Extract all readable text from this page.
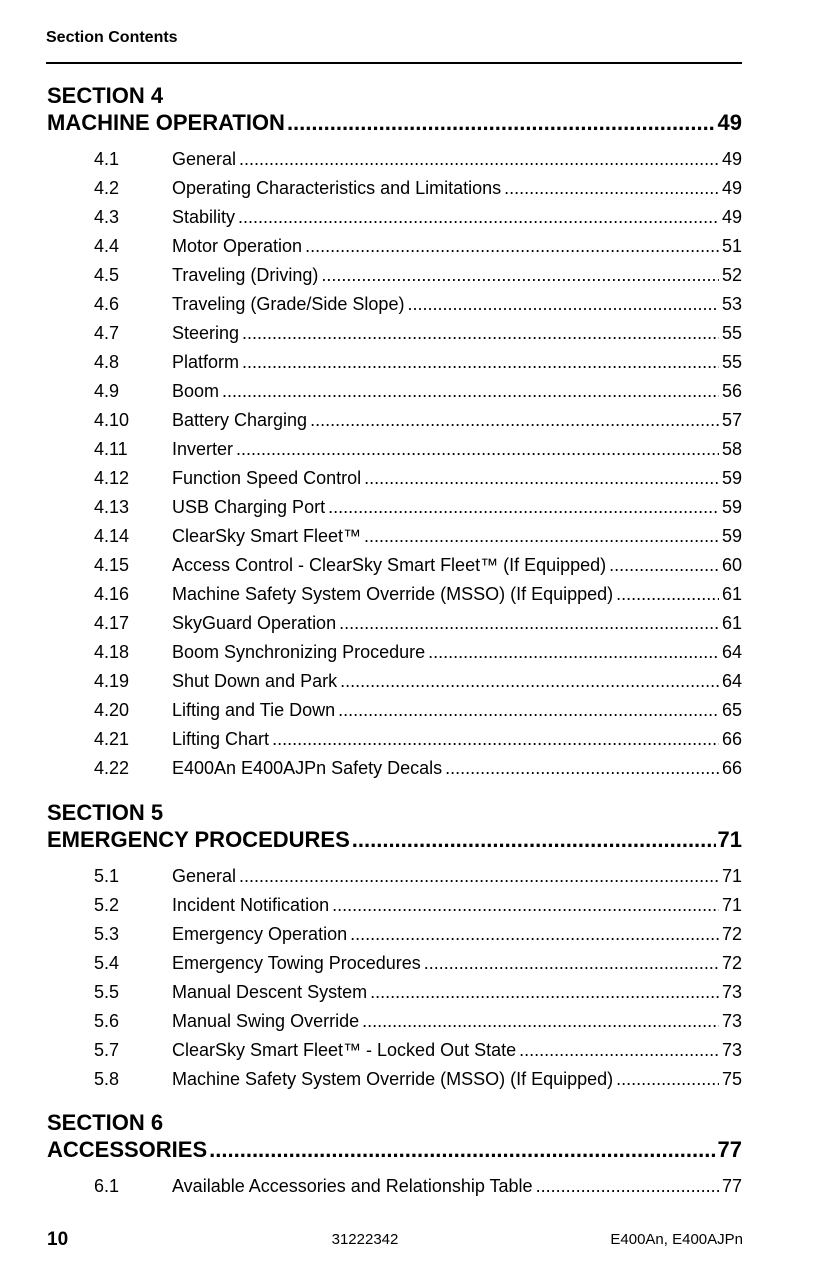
Section Contents
SECTION 4
MACHINE OPERATION .....	49
4.1	General .....	49
4.2	Operating Characteristics and Limitations .....	49
4.3	Stability .....	49
4.4	Motor Operation .....	51
4.5	Traveling (Driving) .....	52
4.6	Traveling (Grade/Side Slope) .....	53
4.7	Steering .....	55
4.8	Platform .....	55
4.9	Boom .....	56
4.10	Battery Charging .....	57
4.11	Inverter .....	58
4.12	Function Speed Control .....	59
4.13	USB Charging Port .....	59
4.14	ClearSky Smart Fleet™ .....	59
4.15	Access Control - ClearSky Smart Fleet™ (If Equipped) .....	60
4.16	Machine Safety System Override (MSSO) (If Equipped) .....	61
4.17	SkyGuard Operation .....	61
4.18	Boom Synchronizing Procedure .....	64
4.19	Shut Down and Park .....	64
4.20	Lifting and Tie Down .....	65
4.21	Lifting Chart .....	66
4.22	E400An E400AJPn Safety Decals .....	66
SECTION 5
EMERGENCY PROCEDURES .....	71
5.1	General .....	71
5.2	Incident Notification .....	71
5.3	Emergency Operation .....	72
5.4	Emergency Towing Procedures .....	72
5.5	Manual Descent System .....	73
5.6	Manual Swing Override .....	73
5.7	ClearSky Smart Fleet™ - Locked Out State .....	73
5.8	Machine Safety System Override (MSSO) (If Equipped) .....	75
SECTION 6
ACCESSORIES .....	77
6.1	Available Accessories and Relationship Table .....	77
10	31222342	E400An, E400AJPn
